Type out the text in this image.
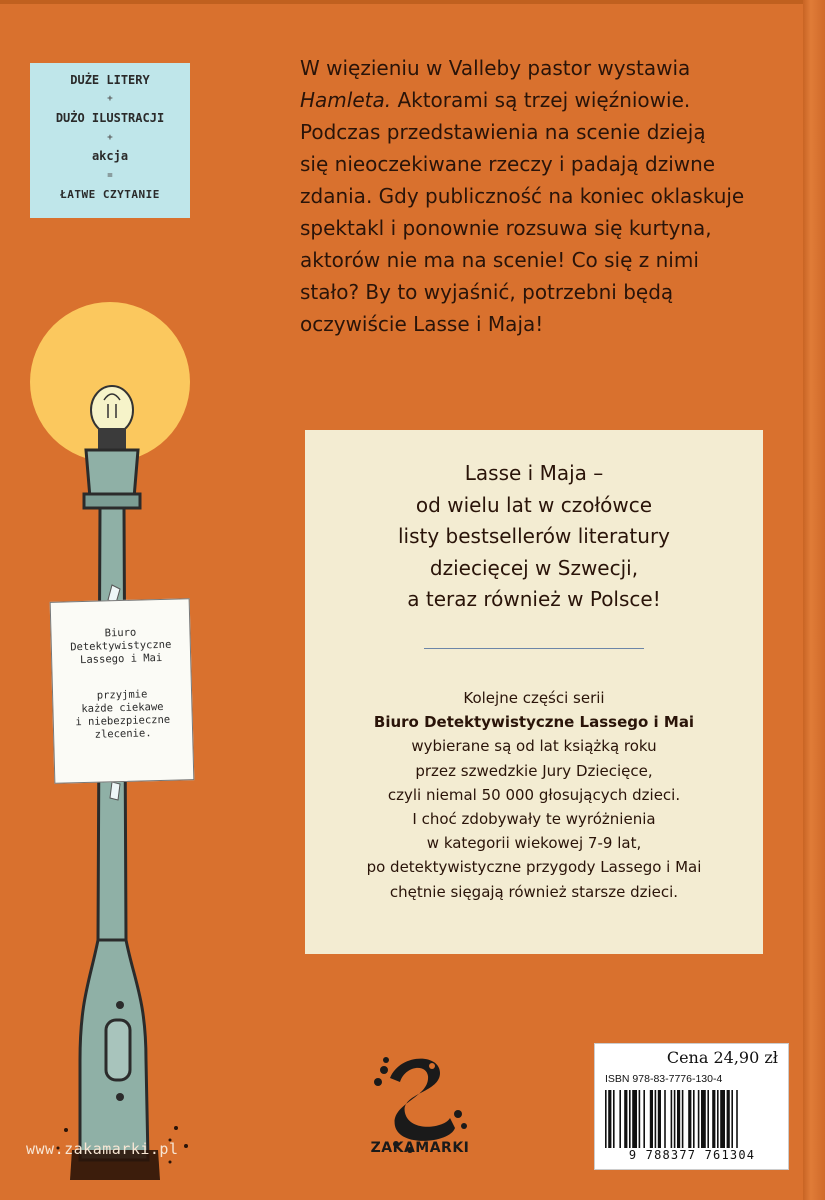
DUŻE LITERY
+
DUŻO ILUSTRACJI
+
akcja
=
ŁATWE CZYTANIE

W więzieniu w Valleby pastor wystawia

Hamleta. Aktorami są trzej więźniowie.

Podczas przedstawienia na scenie dzieją

się nieoczekiwane rzeczy i padają dziwne

zdania. Gdy publiczność na koniec oklaskuje

spektakl i ponownie rozsuwa się kurtyna,

aktorów nie ma na scenie! Co się z nimi

stało? By to wyjaśnić, potrzebni będą

oczywiście Lasse i Maja!

Lasse i Maja –
od wielu lat w czołówce
listy bestsellerów literatury
dziecięcej w Szwecji,
a teraz również w Polsce!
Kolejne części serii
Biuro Detektywistyczne Lassego i Mai
wybierane są od lat książką roku
przez szwedzkie Jury Dziecięce,
czyli niemal 50 000 głosujących dzieci.
I choć zdobywały te wyróżnienia
w kategorii wiekowej 7-9 lat,
po detektywistyczne przygody Lassego i Mai
chętnie sięgają również starsze dzieci.
Biuro
Detektywistyczne
Lassego i Mai
przyjmie
każde ciekawe
i niebezpieczne
zlecenie.
www.zakamarki.pl	ZAKAMARKI
Cena 24,90 zł
ISBN 978-83-7776-130-4
9 788377 761304
